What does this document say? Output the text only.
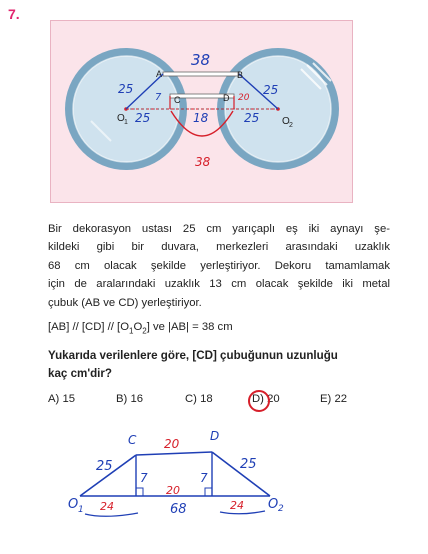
7.
38
A	B
C	D
O 1	O 2
25
25
7
18
25
25
20
38
Bir dekorasyon ustası 25 cm yarıçaplı eş iki aynayı şe-
kildeki gibi bir duvara, merkezleri arasındaki uzaklık
68 cm olacak şekilde yerleştiriyor. Dekoru tamamlamak
için de aralarındaki uzaklık 13 cm olacak şekilde iki metal
çubuk (AB ve CD) yerleştiriyor.
$[AB] // [CD] // [O_1O_2]$ ve |AB| = 38 cm
Yukarıda verilenlere göre, [CD] çubuğunun uzunluğu
kaç cm'dir?
A) 15	B) 16	C) 18	D) 20	E) 22
C	D
20
25	25
7	7
20
24	24
68
O 1	O 2
